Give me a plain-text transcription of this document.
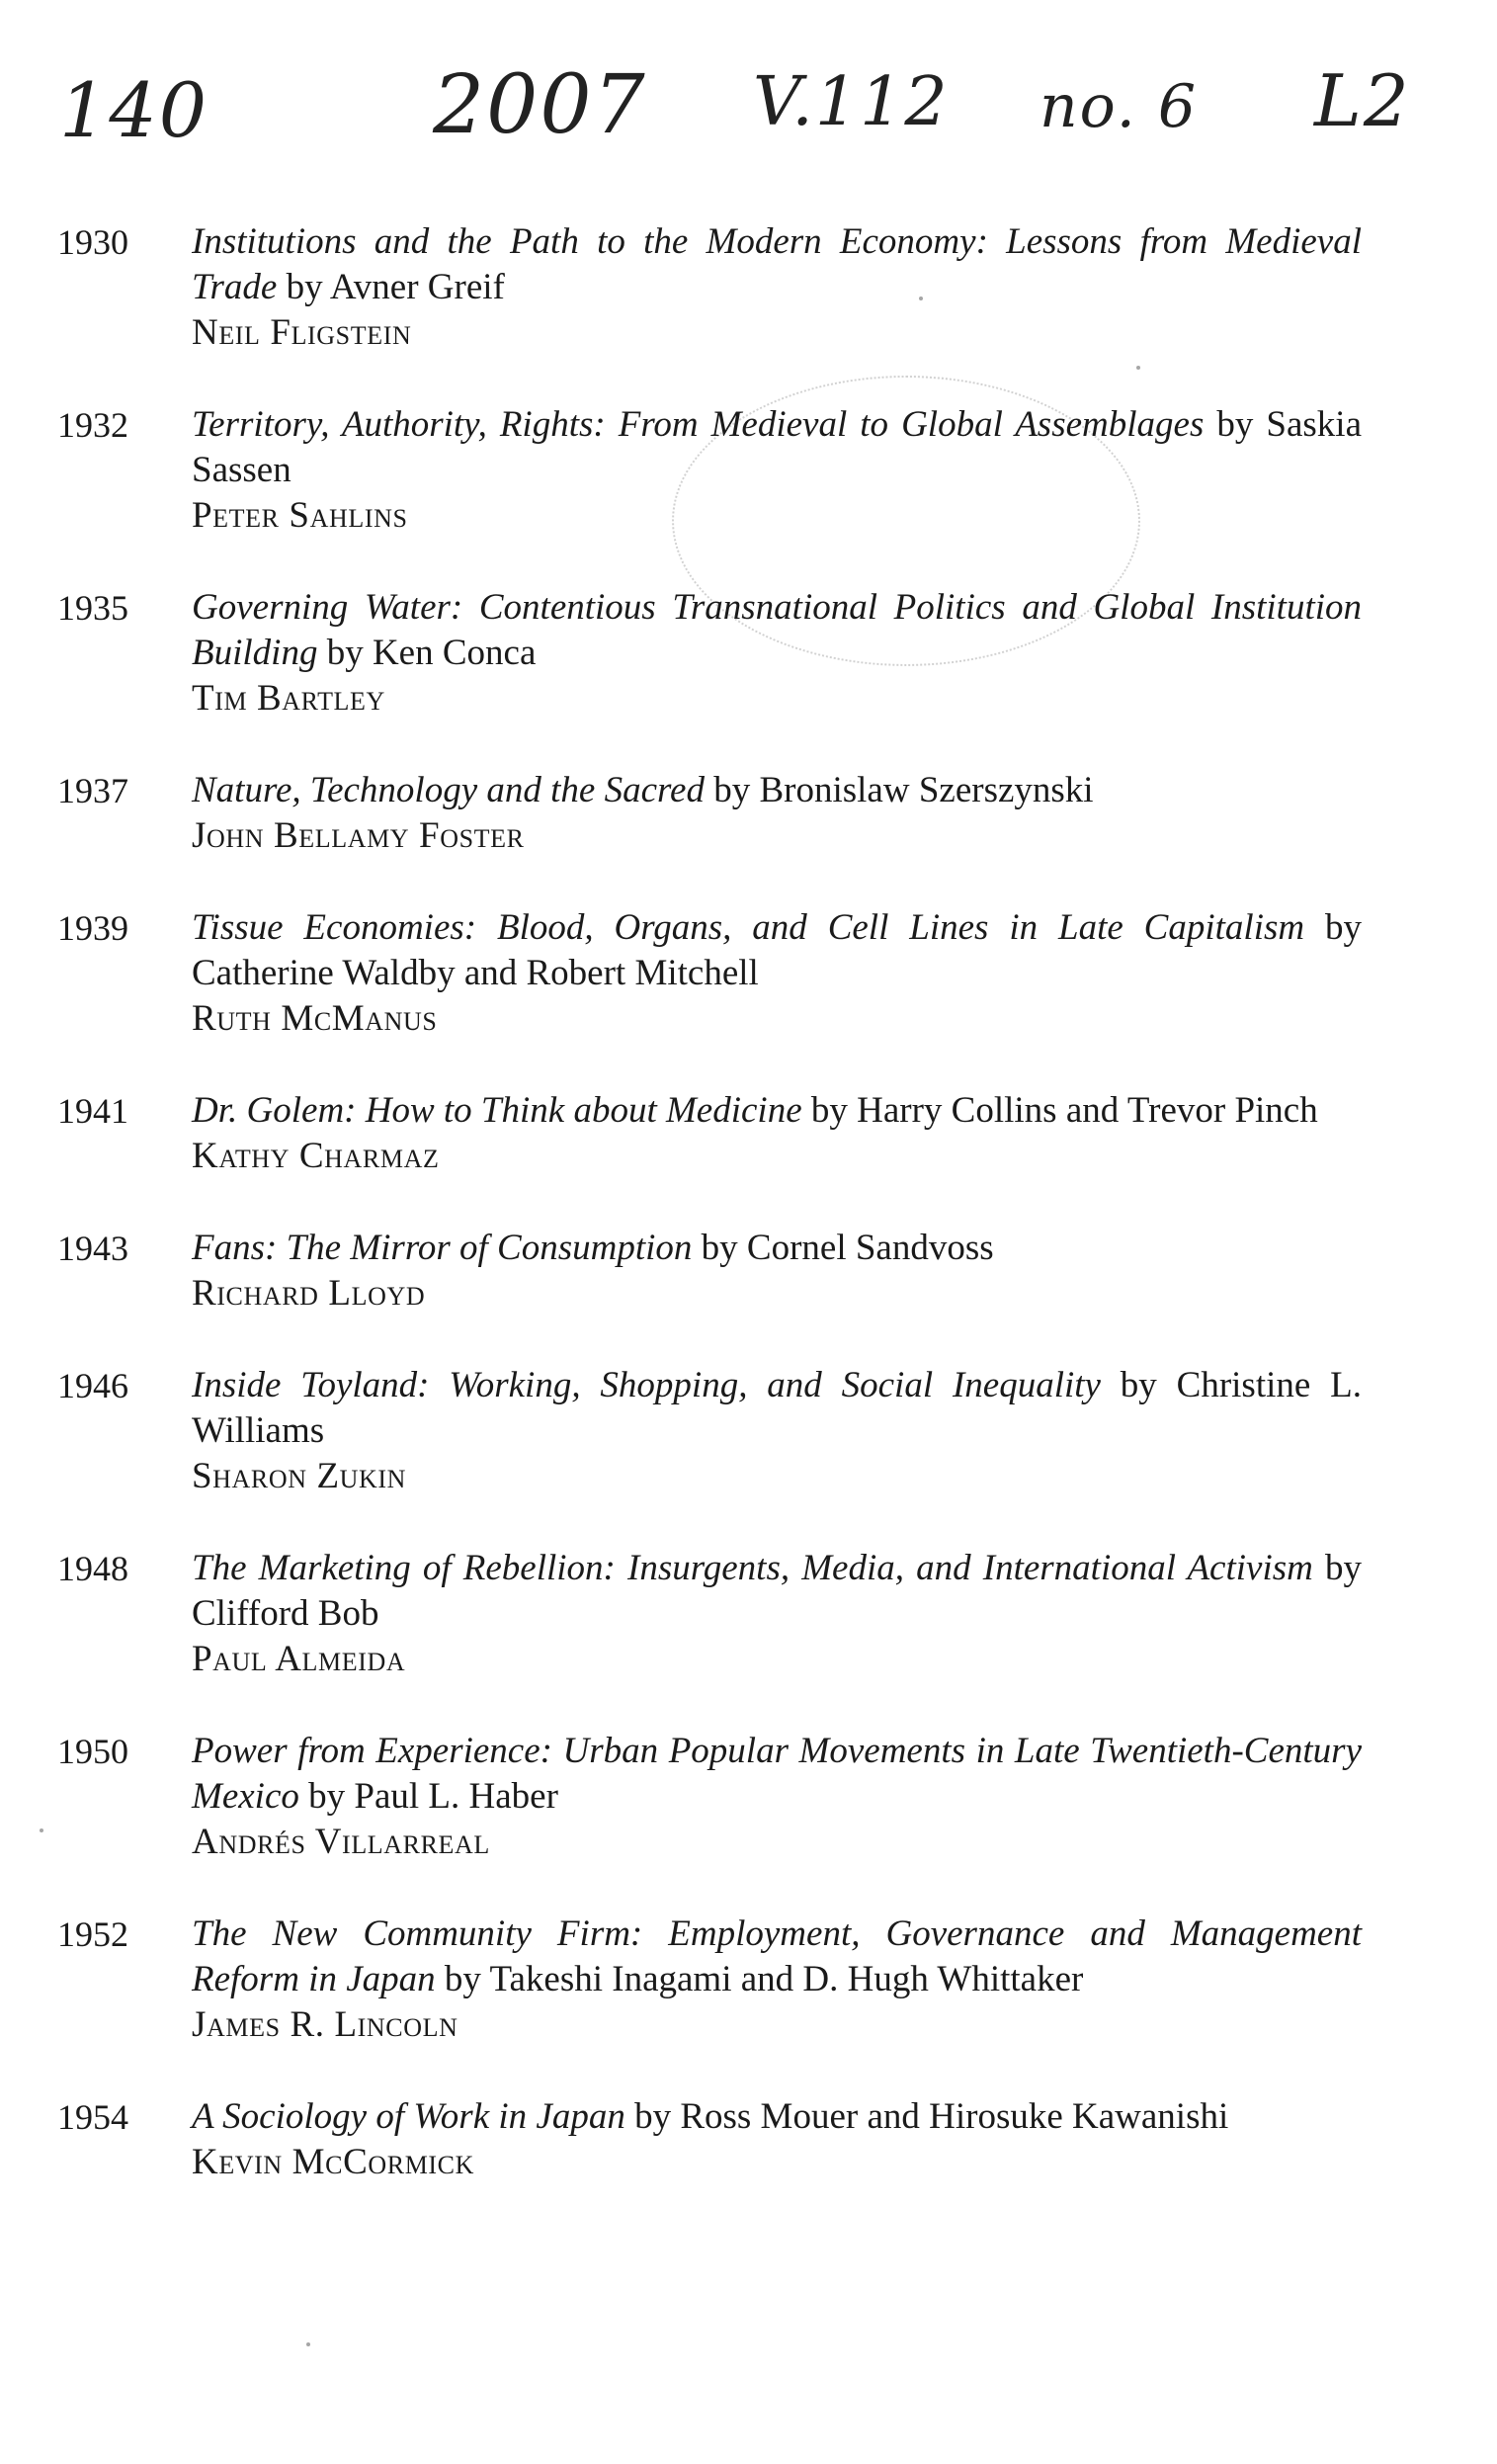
140	2007 V.112 no. 6 L2
1930	Institutions and the Path to the Modern Economy: Lessons from Medieval Trade by Avner Greif
Neil Fligstein
1932	Territory, Authority, Rights: From Medieval to Global Assemblages by Saskia Sassen
Peter Sahlins
1935	Governing Water: Contentious Transnational Politics and Global Institution Building by Ken Conca
Tim Bartley
1937	Nature, Technology and the Sacred by Bronislaw Szerszynski
John Bellamy Foster
1939	Tissue Economies: Blood, Organs, and Cell Lines in Late Capitalism by Catherine Waldby and Robert Mitchell
Ruth McManus
1941	Dr. Golem: How to Think about Medicine by Harry Collins and Trevor Pinch
Kathy Charmaz
1943	Fans: The Mirror of Consumption by Cornel Sandvoss
Richard Lloyd
1946	Inside Toyland: Working, Shopping, and Social Inequality by Christine L. Williams
Sharon Zukin
1948	The Marketing of Rebellion: Insurgents, Media, and International Activism by Clifford Bob
Paul Almeida
1950	Power from Experience: Urban Popular Movements in Late Twentieth-Century Mexico by Paul L. Haber
Andrés Villarreal
1952	The New Community Firm: Employment, Governance and Management Reform in Japan by Takeshi Inagami and D. Hugh Whittaker
James R. Lincoln
1954	A Sociology of Work in Japan by Ross Mouer and Hirosuke Kawanishi
Kevin McCormick
